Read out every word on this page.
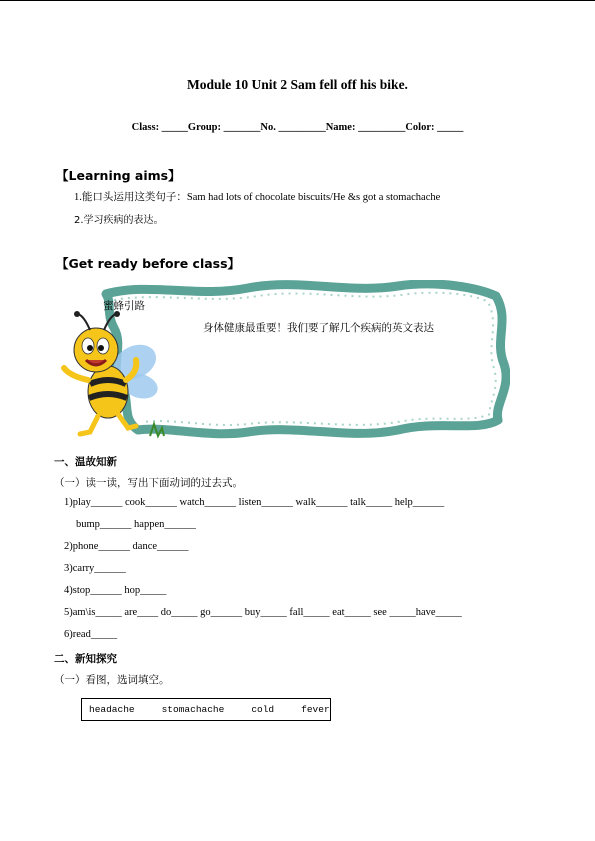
Module 10 Unit 2 Sam fell off his bike.
Class: _____Group: _______No. _________Name: _________Color: _____
【Learning aims】
1.能口头运用这类句子：Sam had lots of chocolate biscuits/He &s got a stomachache
2.学习疾病的表达。
【Get ready before class】
蜜蜂引路
身体健康最重要！我们要了解几个疾病的英文表达
一、温故知新
（一）读一读，写出下面动词的过去式。
1)play______ cook______ watch______ listen______ walk______ talk_____ help______
bump______ happen______
2)phone______ dance______
3)carry______
4)stop______ hop_____
5)am\is_____ are____ do_____ go______ buy_____ fall_____ eat_____ see _____have_____
6)read_____
二、新知探究
（一）看图，选词填空。
headache	stomachache	cold	fever
